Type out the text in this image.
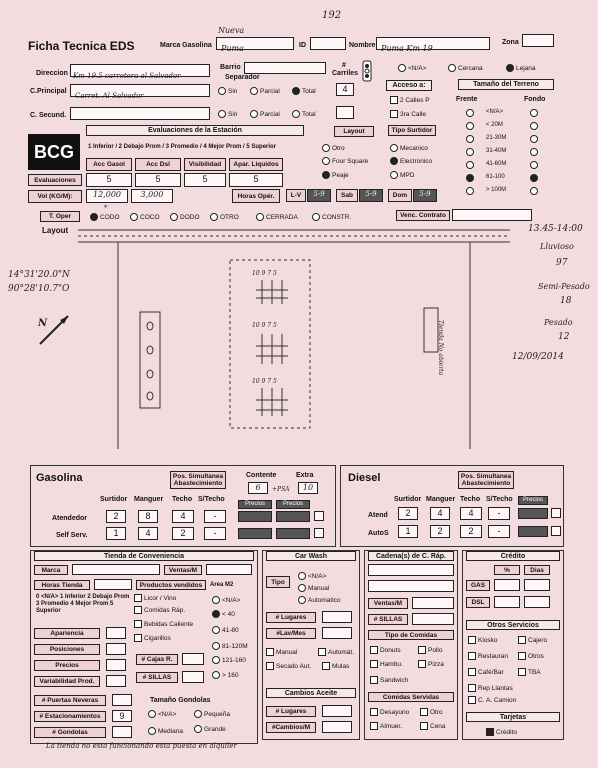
192
Ficha Tecnica EDS	Marca Gasolina
Nueva
Puma	ID	Nombre Puma Km 19
Zona
Direccion Km 19.5 carretera al Salvador
Barrio
Separador
C.Principal
Carret. Al Salvador
Sin	Parcial	Total
C. Secund.	Sin	Parcial	Total
# Carriles
4
<N/A>	Cercana	Lejana
Acceso a:
2 Calles P
3ra Calle
Tamaño del Terreno
Frente	Fondo
<N/A>
< 20M
21-30M
31-40M
41-60M
61-100
> 100M
BCG
Evaluaciones de la Estación
1 Inferior / 2 Debajo Prom / 3 Promedio / 4 Mejor Prom / 5 Superior
Acc Gasol	Acc Dsl	Visibilidad	Apar. Liquidos
Evaluaciones	5	5	5	5
Vol (KG/M):	12,000	3,000	Horas Opér.	L-V	5-9	Sab	5-9	Dom	5-9
Layout
Otro
Four Square
Peaje
Tipo Surtidor
Mecanico
Electronico
MPD
T. Oper
*
CODO	COCO	DODO	OTRO	CERRADA	CONSTR.	Venc. Contrato
Layout
10 9 7 5
10 9 7 5
10 9 7 5
14°31'20.0"N
90°28'10.7"O
N	Tienda No abierta
13.45-14:00
Lluvioso
97
Semi-Pesado
18
Pesado
12
12/09/2014
Gasolina	Pos. Simultanea Abastecimiento
Contente
6	+PSA
Extra
10
Surtidor Manguer Techo S/Techo
Precios	Precios
Atendedor	2	8	4	-
Self Serv.	1	4	2	-
Diesel	Pos. Simultanea Abastecimiento
Surtidor Manguer Techo S/Techo	Precios
Atend	2	4	4	-
AutoS	1	2	2	-
Tienda de Conveniencia
Marca	Ventas/M
Horas Tienda	Productos vendidos	Area M2
0 <N/A> 1 Inferior 2 Debajo Prom 3 Promedio 4 Mejor Prom 5 Superior
Licor / Vino
Comidas Ráp.
Bebidas Caliente
Cigarillos
<N/A>
< 40
41-80
81-120M
121-160
> 160
Apariencia
Posiciones
Precios
Variabilidad Prod.
# Cajas R.
# SILLAS
# Puertas Neveras	Tamaño Gondolas
# Estacionamientos	9	<N/A>	Pequeña
# Gondolas	Mediana	Grande
La tienda no esta funcionando esta puesta en alquiler
Car Wash
Tipo
<N/A>
Manual
Automatico
# Lugares
#Lav/Mes
Manual	Automát.
Secado Aut.	Mulas
Cambios Aceite
# Lugares
#Cambios/M
Cadena(s) de C. Ráp.
Ventas/M
# SILLAS
Tipo de Comidas
Donuts	Pollo
Hambu.	Pizza
Sandwich
Comidas Servidas
Desayuno	Otro
Almuer.	Cena
Crédito
%	Dias
GAS
DSL
Otros Servicios
Kiosko	Cajero
Restauran	Otros
Café/Bar	TBA
Rep Llantas
C. A. Camion
Tarjetas
Crédito
